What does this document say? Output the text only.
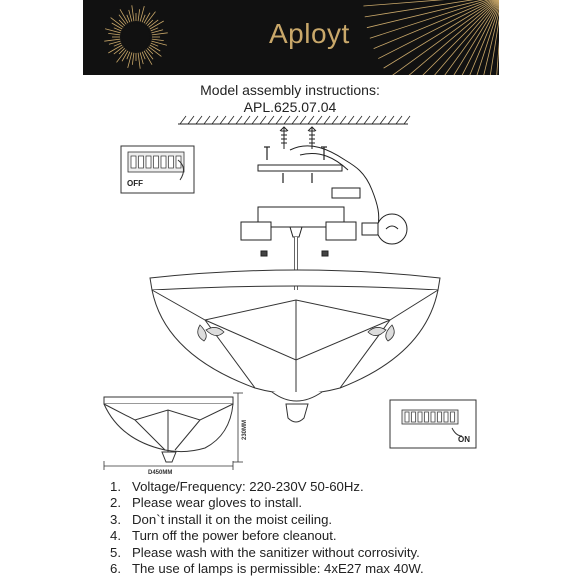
Aployt
Model assembly instructions:
APL.625.07.04
230MM
D450MM
OFF
ON
1. Voltage/Frequency: 220-230V 50-60Hz.
2. Please wear gloves to install.
3. Don`t install it on the moist ceiling.
4. Turn off the power before cleanout.
5. Please wash with the sanitizer without corrosivity.
6. The use of lamps is permissible: 4xE27 max 40W.
